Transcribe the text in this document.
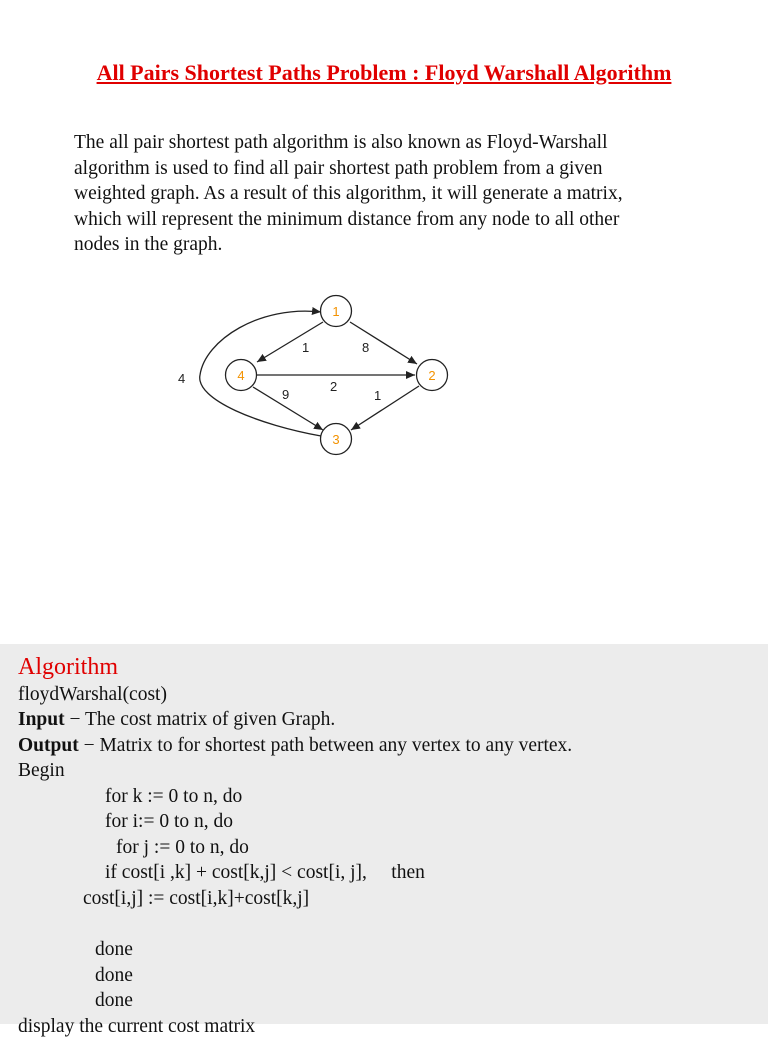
All Pairs Shortest Paths Problem : Floyd Warshall Algorithm
The all pair shortest path algorithm is also known as Floyd-Warshall
algorithm is used to find all pair shortest path problem from a given
weighted graph. As a result of this algorithm, it will generate a matrix,
which will represent the minimum distance from any node to all other
nodes in the graph.
1	8
2
9	1
4
1
2
3
4
Algorithm
floydWarshal(cost)
Input − The cost matrix of given Graph.
Output − Matrix to for shortest path between any vertex to any vertex.
Begin
for k := 0 to n, do
for i:= 0 to n, do
for j := 0 to n, do
if cost[i ,k] + cost[k,j] < cost[i, j],     then
cost[i,j] := cost[i,k]+cost[k,j]
done
done
done
display the current cost matrix
